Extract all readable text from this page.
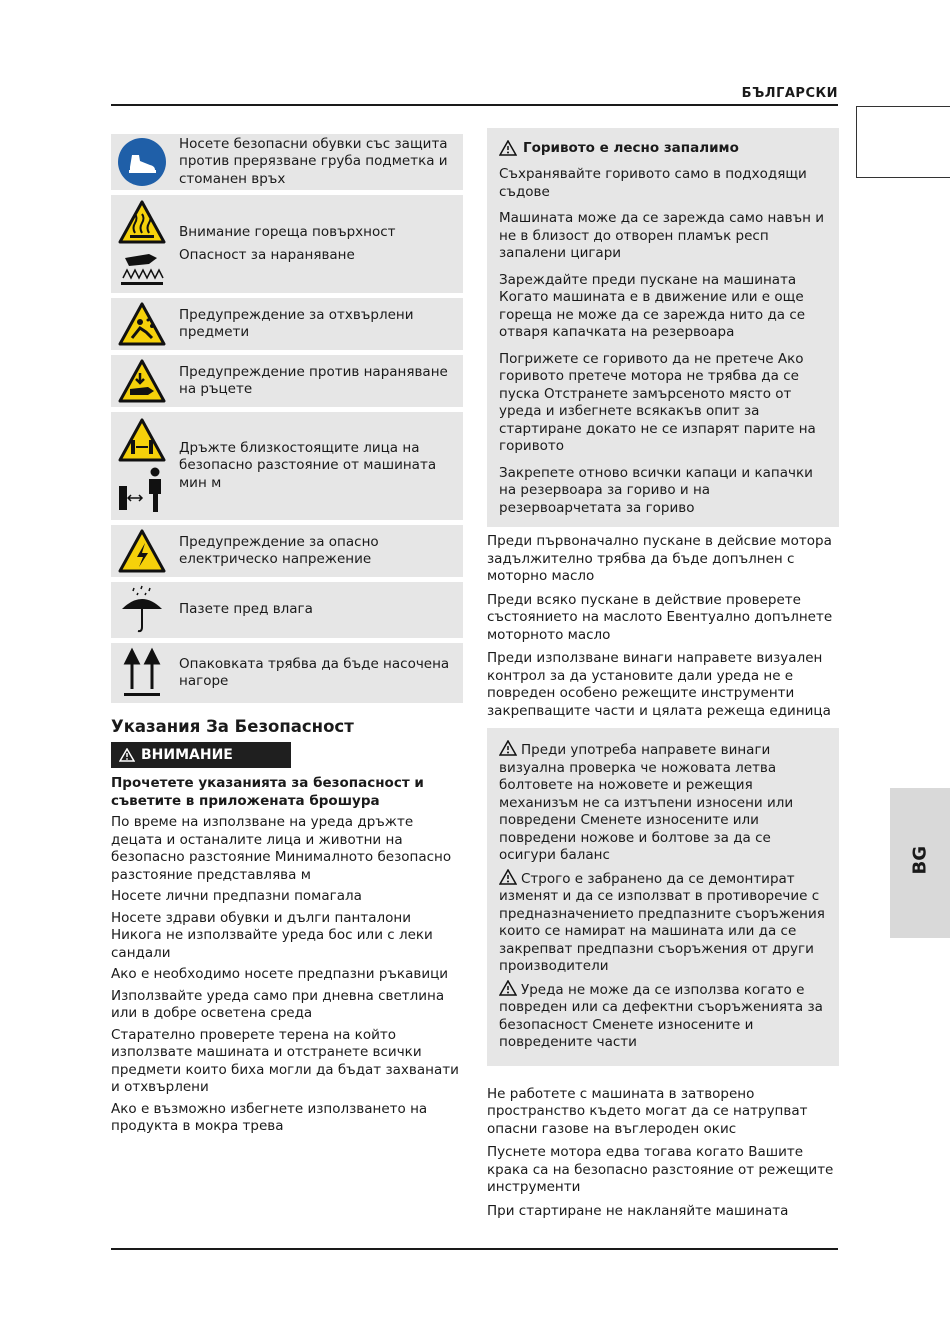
БЪЛГАРСКИ
BG
Носете безопасни обувки със защита против прерязване груба подметка и стоманен връх
Внимание гореща повърхност
Опасност за нараняване
Предупреждение за отхвърлени предмети
Предупреждение против нараняване на ръцете
Дръжте близкостоящите лица на безопасно разстояние от машината мин м
Предупреждение за опасно електрическо напрежение
Пазете пред влага
Опаковката трябва да бъде насочена нагоре
Указания За Безопасност
ВНИМАНИЕ
Прочетете указанията за безопасност и съветите в приложената брошура
По време на използване на уреда дръжте децата и останалите лица и животни на безопасно разстояние Минималното безопасно разстояние представлява м
Носете лични предпазни помагала
Носете здрави обувки и дълги панталони Никога не използвайте уреда бос или с леки сандали
Ако е необходимо носете предпазни ръкавици
Използвайте уреда само при дневна светлина или в добре осветена среда
Старателно проверете терена на който използвате машината и отстранете всички предмети които биха могли да бъдат захванати и отхвърлени
Ако е възможно избегнете използването на продукта в мокра трева
Горивото е лесно запалимо
Съхранявайте горивото само в подходящи съдове
Машината може да се зарежда само навън и не в близост до отворен пламък респ запалени цигари
Зареждайте преди пускане на машината Когато машината е в движение или е още гореща не може да се зарежда нито да се отваря капачката на резервоара
Погрижете се горивото да не претече Ако горивото претече мотора не трябва да се пуска Отстранете замърсеното място от уреда и избегнете всякакъв опит за стартиране докато не се изпарят парите на горивото
Закрепете отново всички капаци и капачки на резервоара за гориво и на резервоарчетата за гориво
Преди първоначално пускане в дейсвие мотора задължително трябва да бъде допълнен с моторно масло
Преди всяко пускане в действие проверете състоянието на маслото Евентуално допълнете моторното масло
Преди използване винаги направете визуален контрол за да установите дали уреда не е повреден особено режещите инструменти закрепващите части и цялата режеща единица
Преди употреба направете винаги визуална проверка че ножовата летва болтовете на ножовете и режещия механизъм не са изтъпени износени или повредени Сменете износените или повредени ножове и болтове за да се осигури баланс
Строго е забранено да се демонтират изменят и да се използват в противоречие с предназначението предпазните съоръжения които се намират на машината или да се закрепват предпазни съоръжения от други производители
Уреда не може да се използва когато е повреден или са дефектни съоръженията за безопасност Сменете износените и повредените части
Не работете с машината в затворено пространство къдeто могат да се натрупват опасни газове на въглероден окис
Пуснете мотора едва тогава когато Вашите крака са на безопасно разстояние от режещите инструменти
При стартиране не накланяйте машината
